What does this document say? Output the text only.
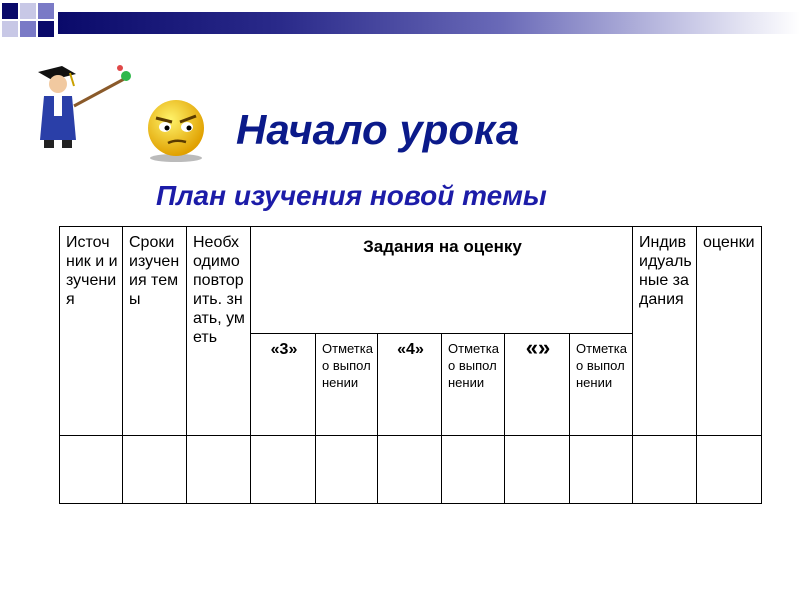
Начало урока
План изучения новой темы
Источник и изучения	Сроки изучения темы	Необходимо повторить. знать, уметь	Задания на оценку						Индивидуальные задания	оценки
			«3»	Отметка о выполнении	«4»	Отметка о выполнении	«»	Отметка о выполнении		
